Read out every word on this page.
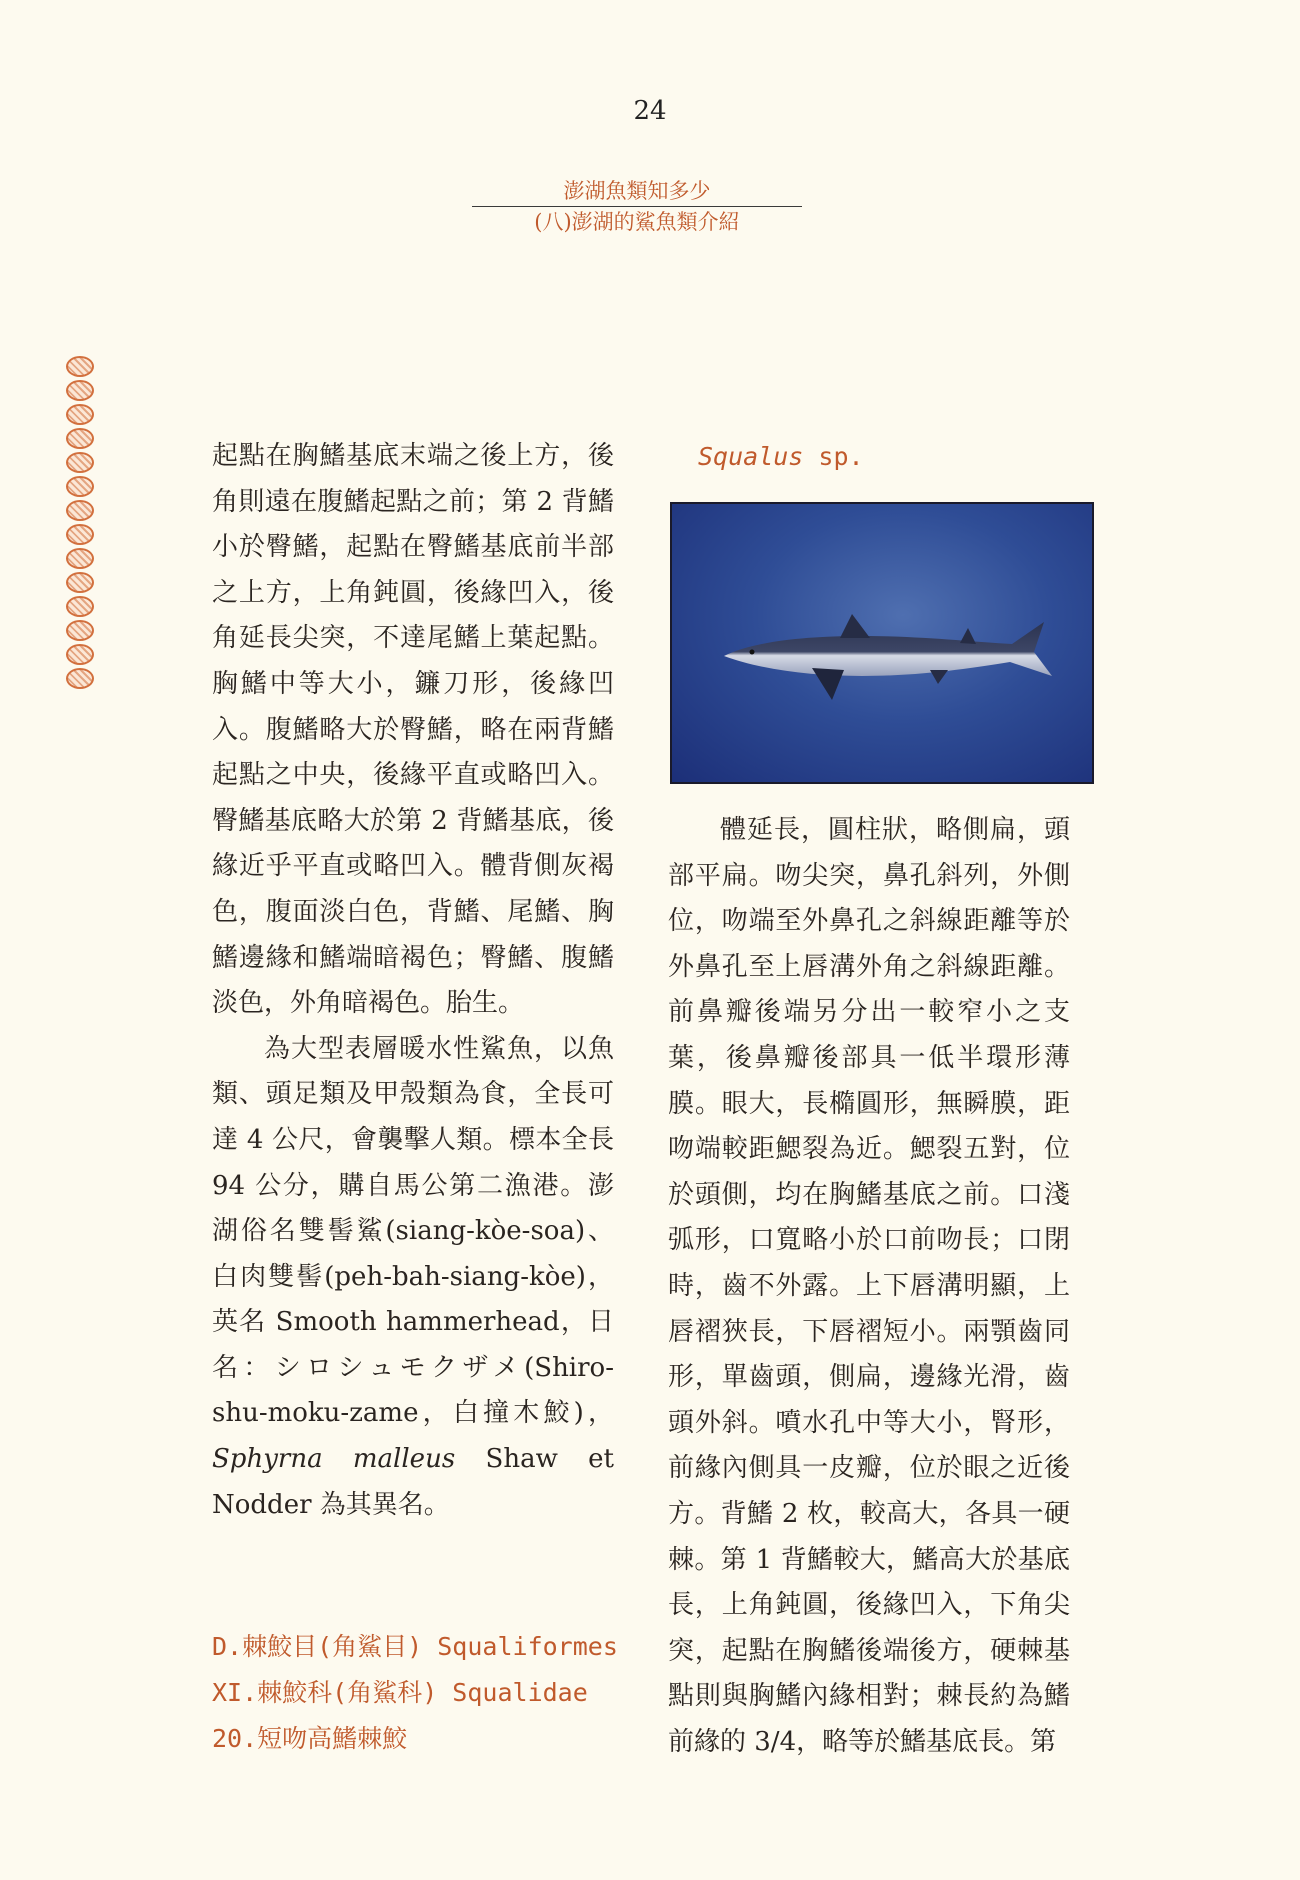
24
澎湖魚類知多少
(八)澎湖的鯊魚類介紹

起點在胸鰭基底末端之後上方，後角則遠在腹鰭起點之前；第 2 背鰭小於臀鰭，起點在臀鰭基底前半部之上方，上角鈍圓，後緣凹入，後角延長尖突，不達尾鰭上葉起點。胸鰭中等大小，鐮刀形，後緣凹入。腹鰭略大於臀鰭，略在兩背鰭起點之中央，後緣平直或略凹入。臀鰭基底略大於第 2 背鰭基底，後緣近乎平直或略凹入。體背側灰褐色，腹面淡白色，背鰭、尾鰭、胸鰭邊緣和鰭端暗褐色；臀鰭、腹鰭淡色，外角暗褐色。胎生。

為大型表層暖水性鯊魚，以魚類、頭足類及甲殼類為食，全長可達 4 公尺，會襲擊人類。標本全長 94 公分，購自馬公第二漁港。澎湖俗名雙髻鯊(siang-kòe-soa)、白肉雙髻(peh-bah-siang-kòe)，英名 Smooth hammerhead，日名：シロシュモクザメ(Shiro-shu-moku-zame，白撞木鮫)，Sphyrna malleus Shaw et Nodder 為其異名。

D.棘鮫目(角鯊目) Squaliformes
XI.棘鮫科(角鯊科) Squalidae
20.短吻高鰭棘鮫
Squalus sp.

體延長，圓柱狀，略側扁，頭部平扁。吻尖突，鼻孔斜列，外側位，吻端至外鼻孔之斜線距離等於外鼻孔至上唇溝外角之斜線距離。前鼻瓣後端另分出一較窄小之支葉，後鼻瓣後部具一低半環形薄膜。眼大，長橢圓形，無瞬膜，距吻端較距鰓裂為近。鰓裂五對，位於頭側，均在胸鰭基底之前。口淺弧形，口寬略小於口前吻長；口閉時，齒不外露。上下唇溝明顯，上唇褶狹長，下唇褶短小。兩顎齒同形，單齒頭，側扁，邊緣光滑，齒頭外斜。噴水孔中等大小，腎形，前緣內側具一皮瓣，位於眼之近後方。背鰭 2 枚，較高大，各具一硬棘。第 1 背鰭較大，鰭高大於基底長，上角鈍圓，後緣凹入，下角尖突，起點在胸鰭後端後方，硬棘基點則與胸鰭內緣相對；棘長約為鰭前緣的 3/4，略等於鰭基底長。第
